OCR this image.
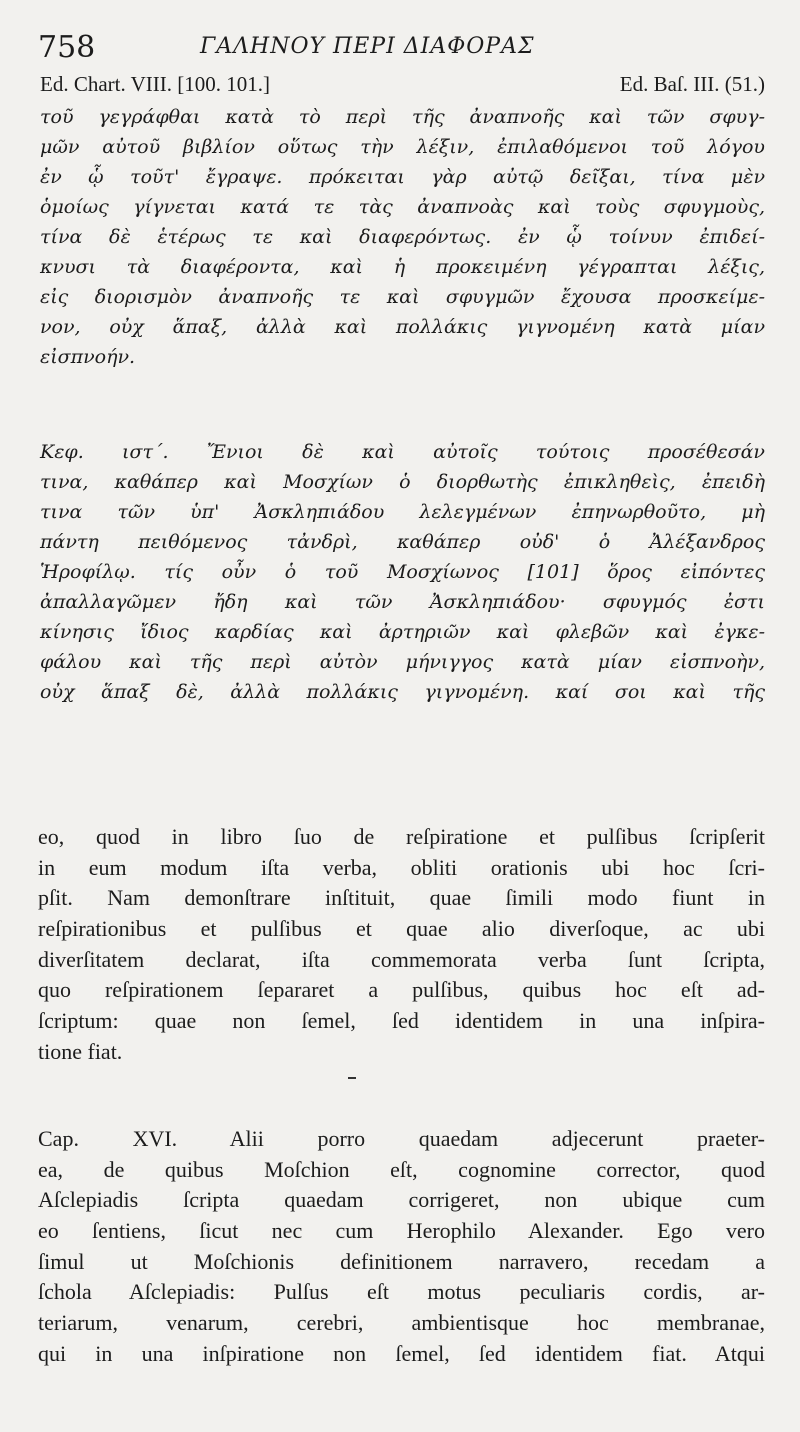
758	ΓΑΛΗΝΟΥ ΠΕΡΙ ΔΙΑΦΟΡΑΣ
Ed. Chart. VIII. [100. 101.]	Ed. Baſ. III. (51.)
τοῦ γεγράφθαι κατὰ τὸ περὶ τῆς ἀναπνοῆς καὶ τῶν σφυγ-
μῶν αὐτοῦ βιβλίον οὕτως τὴν λέξιν, ἐπιλαθόμενοι τοῦ λόγου
ἐν ᾧ τοῦτ' ἔγραψε. πρόκειται γὰρ αὐτῷ δεῖξαι, τίνα μὲν
ὁμοίως γίγνεται κατά τε τὰς ἀναπνοὰς καὶ τοὺς σφυγμοὺς,
τίνα δὲ ἑτέρως τε καὶ διαφερόντως. ἐν ᾧ τοίνυν ἐπιδεί-
κνυσι τὰ διαφέροντα, καὶ ἡ προκειμένη γέγραπται λέξις,
εἰς διορισμὸν ἀναπνοῆς τε καὶ σφυγμῶν ἔχουσα προσκείμε-
νον, οὐχ ἅπαξ, ἀλλὰ καὶ πολλάκις γιγνομένη κατὰ μίαν
εἰσπνοήν.
Κεφ. ιστ΄. Ἔνιοι δὲ καὶ αὐτοῖς τούτοις προσέθεσάν
τινα, καθάπερ καὶ Μοσχίων ὁ διορθωτὴς ἐπικληθεὶς, ἐπειδὴ
τινα τῶν ὑπ' Ἀσκληπιάδου λελεγμένων ἐπηνωρθοῦτο, μὴ
πάντη πειθόμενος τἀνδρὶ, καθάπερ οὐδ' ὁ Ἀλέξανδρος
Ἡροφίλῳ. τίς οὖν ὁ τοῦ Μοσχίωνος [101] ὅρος εἰπόντες
ἀπαλλαγῶμεν ἤδη καὶ τῶν Ἀσκληπιάδου· σφυγμός ἐστι
κίνησις ἴδιος καρδίας καὶ ἀρτηριῶν καὶ φλεβῶν καὶ ἐγκε-
φάλου καὶ τῆς περὶ αὐτὸν μήνιγγος κατὰ μίαν εἰσπνοὴν,
οὐχ ἅπαξ δὲ, ἀλλὰ πολλάκις γιγνομένη. καί σοι καὶ τῆς
eo, quod in libro ſuo de reſpiratione et pulſibus ſcripſerit
in eum modum iſta verba, obliti orationis ubi hoc ſcri-
pſit. Nam demonſtrare inſtituit, quae ſimili modo fiunt in
reſpirationibus et pulſibus et quae alio diverſoque, ac ubi
diverſitatem declarat, iſta commemorata verba ſunt ſcripta,
quo reſpirationem ſepararet a pulſibus, quibus hoc eſt ad-
ſcriptum: quae non ſemel, ſed identidem in una inſpira-
tione fiat.
Cap. XVI. Alii porro quaedam adjecerunt praeter-
ea, de quibus Moſchion eſt, cognomine corrector, quod
Aſclepiadis ſcripta quaedam corrigeret, non ubique cum
eo ſentiens, ſicut nec cum Herophilo Alexander. Ego vero
ſimul ut Moſchionis definitionem narravero, recedam a
ſchola Aſclepiadis: Pulſus eſt motus peculiaris cordis, ar-
teriarum, venarum, cerebri, ambientisque hoc membranae,
qui in una inſpiratione non ſemel, ſed identidem fiat. Atqui
